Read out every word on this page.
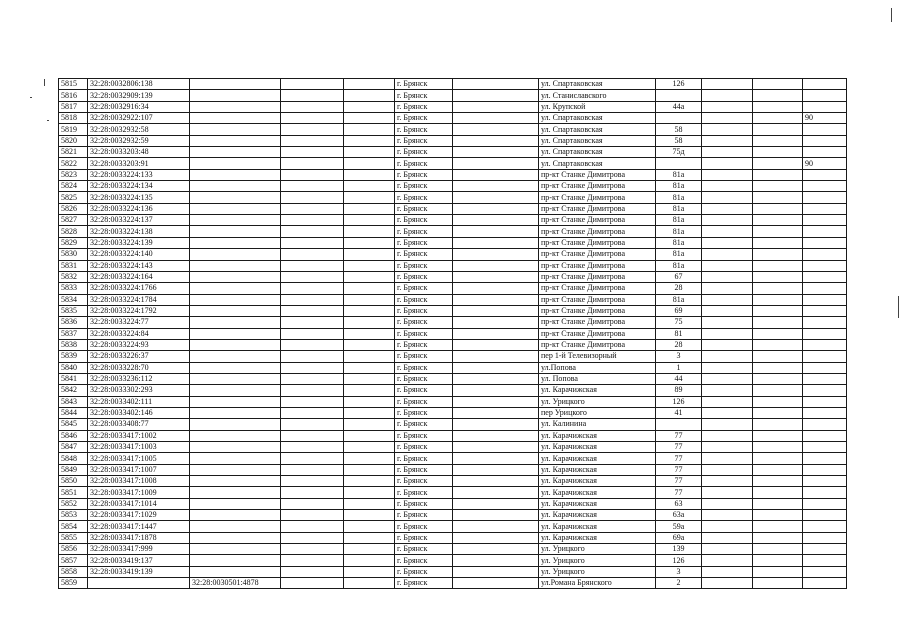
5815	32:28:0032806:138				г. Брянск		ул. Спартаковская	126			
5816	32:28:0032909:139				г. Брянск		ул. Станиславского				
5817	32:28:0032916:34				г. Брянск		ул. Крупской	44а			
5818	32:28:0032922:107				г. Брянск		ул. Спартаковская				90
5819	32:28:0032932:58				г. Брянск		ул. Спартаковская	58			
5820	32:28:0032932:59				г. Брянск		ул. Спартаковская	58			
5821	32:28:0033203:48				г. Брянск		ул. Спартаковская	75д			
5822	32:28:0033203:91				г. Брянск		ул. Спартаковская				90
5823	32:28:0033224:133				г. Брянск		пр-кт Станке Димитрова	81а			
5824	32:28:0033224:134				г. Брянск		пр-кт Станке Димитрова	81а			
5825	32:28:0033224:135				г. Брянск		пр-кт Станке Димитрова	81а			
5826	32:28:0033224:136				г. Брянск		пр-кт Станке Димитрова	81а			
5827	32:28:0033224:137				г. Брянск		пр-кт Станке Димитрова	81а			
5828	32:28:0033224:138				г. Брянск		пр-кт Станке Димитрова	81а			
5829	32:28:0033224:139				г. Брянск		пр-кт Станке Димитрова	81а			
5830	32:28:0033224:140				г. Брянск		пр-кт Станке Димитрова	81а			
5831	32:28:0033224:143				г. Брянск		пр-кт Станке Димитрова	81а			
5832	32:28:0033224:164				г. Брянск		пр-кт Станке Димитрова	67			
5833	32:28:0033224:1766				г. Брянск		пр-кт Станке Димитрова	28			
5834	32:28:0033224:1784				г. Брянск		пр-кт Станке Димитрова	81а			
5835	32:28:0033224:1792				г. Брянск		пр-кт Станке Димитрова	69			
5836	32:28:0033224:77				г. Брянск		пр-кт Станке Димитрова	75			
5837	32:28:0033224:84				г. Брянск		пр-кт Станке Димитрова	81			
5838	32:28:0033224:93				г. Брянск		пр-кт Станке Димитрова	28			
5839	32:28:0033226:37				г. Брянск		пер 1-й Телевизорный	3			
5840	32:28:0033228:70				г. Брянск		ул.Попова	1			
5841	32:28:0033236:112				г. Брянск		ул. Попова	44			
5842	32:28:0033302:293				г. Брянск		ул. Карачижская	89			
5843	32:28:0033402:111				г. Брянск		ул. Урицкого	126			
5844	32:28:0033402:146				г. Брянск		пер Урицкого	41			
5845	32:28:0033408:77				г. Брянск		ул. Калинина				
5846	32:28:0033417:1002				г. Брянск		ул. Карачижская	77			
5847	32:28:0033417:1003				г. Брянск		ул. Карачижская	77			
5848	32:28:0033417:1005				г. Брянск		ул. Карачижская	77			
5849	32:28:0033417:1007				г. Брянск		ул. Карачижская	77			
5850	32:28:0033417:1008				г. Брянск		ул. Карачижская	77			
5851	32:28:0033417:1009				г. Брянск		ул. Карачижская	77			
5852	32:28:0033417:1014				г. Брянск		ул. Карачижская	63			
5853	32:28:0033417:1029				г. Брянск		ул. Карачижская	63а			
5854	32:28:0033417:1447				г. Брянск		ул. Карачижская	59а			
5855	32:28:0033417:1878				г. Брянск		ул. Карачижская	69а			
5856	32:28:0033417:999				г. Брянск		ул. Урицкого	139			
5857	32:28:0033419:137				г. Брянск		ул. Урицкого	126			
5858	32:28:0033419:139				г. Брянск		ул. Урицкого	3			
5859		32:28:0030501:4878			г. Брянск		ул.Романа Брянского	2			
